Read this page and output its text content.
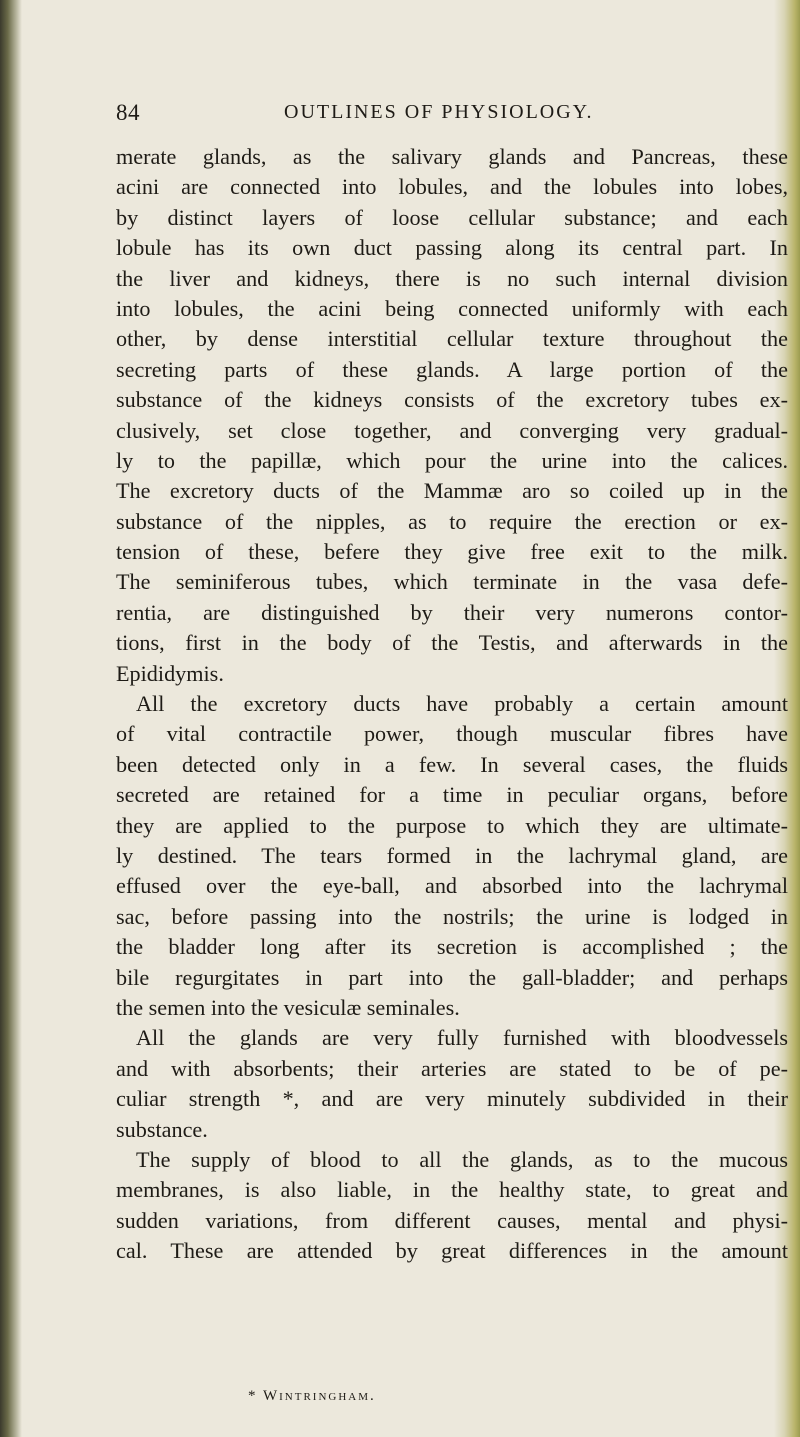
84	OUTLINES OF PHYSIOLOGY.
merate glands, as the salivary glands and Pancreas, these
acini are connected into lobules, and the lobules into lobes,
by distinct layers of loose cellular substance; and each
lobule has its own duct passing along its central part. In
the liver and kidneys, there is no such internal division
into lobules, the acini being connected uniformly with each
other, by dense interstitial cellular texture throughout the
secreting parts of these glands. A large portion of the
substance of the kidneys consists of the excretory tubes ex-
clusively, set close together, and converging very gradual-
ly to the papillæ, which pour the urine into the calices.
The excretory ducts of the Mammæ aro so coiled up in the
substance of the nipples, as to require the erection or ex-
tension of these, befere they give free exit to the milk.
The seminiferous tubes, which terminate in the vasa defe-
rentia, are distinguished by their very numerons contor-
tions, first in the body of the Testis, and afterwards in the
Epididymis.
All the excretory ducts have probably a certain amount
of vital contractile power, though muscular fibres have
been detected only in a few. In several cases, the fluids
secreted are retained for a time in peculiar organs, before
they are applied to the purpose to which they are ultimate-
ly destined. The tears formed in the lachrymal gland, are
effused over the eye-ball, and absorbed into the lachrymal
sac, before passing into the nostrils; the urine is lodged in
the bladder long after its secretion is accomplished ; the
bile regurgitates in part into the gall-bladder; and perhaps
the semen into the vesiculæ seminales.
All the glands are very fully furnished with bloodvessels
and with absorbents; their arteries are stated to be of pe-
culiar strength *, and are very minutely subdivided in their
substance.
The supply of blood to all the glands, as to the mucous
membranes, is also liable, in the healthy state, to great and
sudden variations, from different causes, mental and physi-
cal. These are attended by great differences in the amount
* Wintringham.
